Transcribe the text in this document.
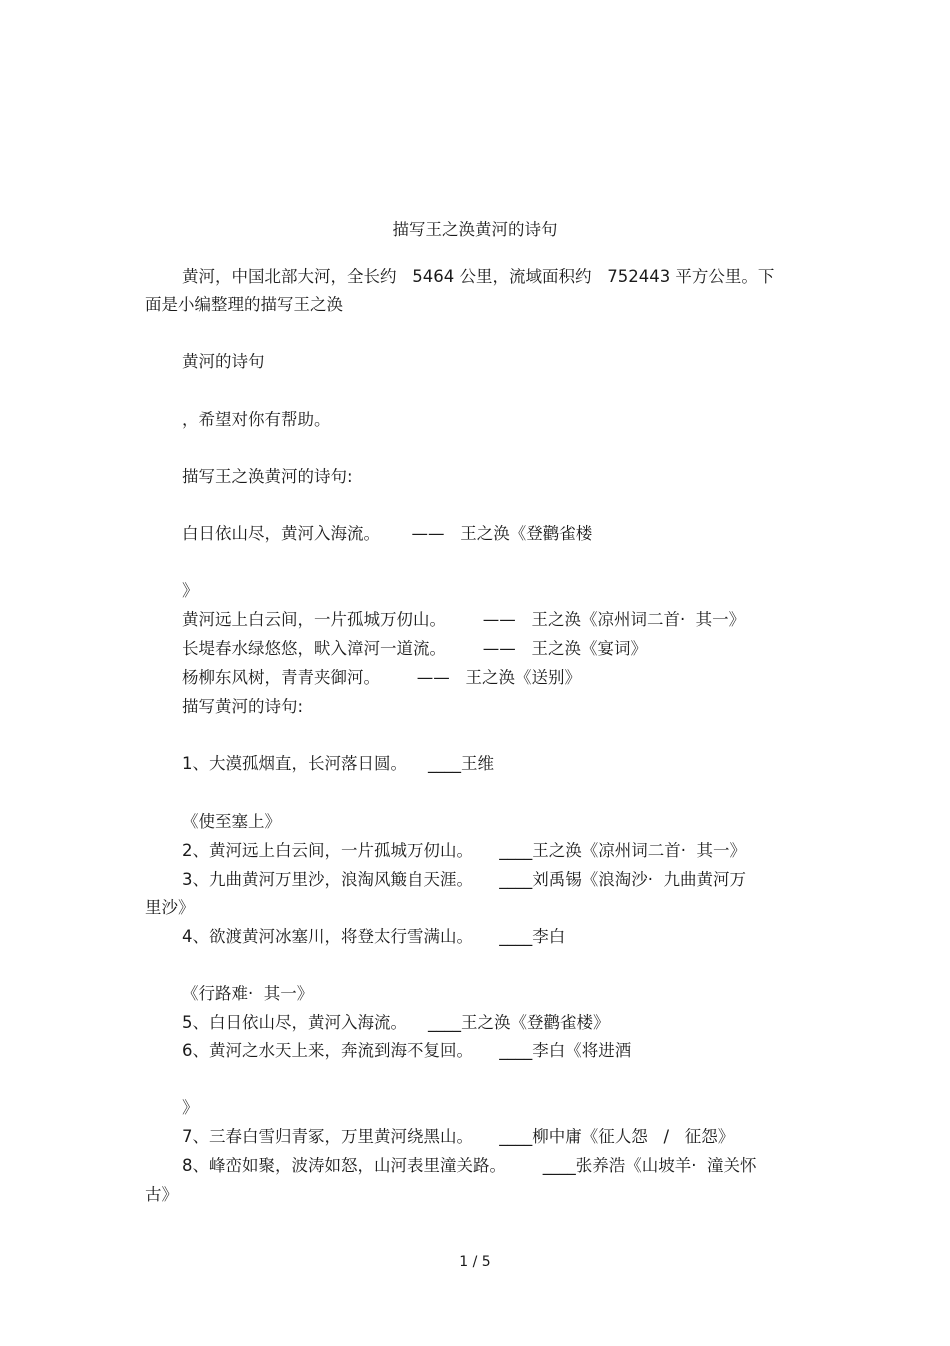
描写王之涣黄河的诗句
黄河，中国北部大河，全长约   5464 公里，流域面积约   752443 平方公里。下
面是小编整理的描写王之涣
黄河的诗句
，希望对你有帮助。
描写王之涣黄河的诗句:
白日依山尽，黄河入海流。      ——   王之涣《登鹳雀楼
》
黄河远上白云间，一片孤城万仞山。       ——   王之涣《凉州词二首·  其一》
长堤春水绿悠悠，畎入漳河一道流。       ——   王之涣《宴词》
杨柳东风树，青青夹御河。       ——   王之涣《送别》
描写黄河的诗句:
1、大漠孤烟直，长河落日圆。    ____王维
《使至塞上》
2、黄河远上白云间，一片孤城万仞山。     ____王之涣《凉州词二首·  其一》
3、九曲黄河万里沙，浪淘风簸自天涯。     ____刘禹锡《浪淘沙·  九曲黄河万
里沙》
4、欲渡黄河冰塞川，将登太行雪满山。     ____李白
《行路难·  其一》
5、白日依山尽，黄河入海流。    ____王之涣《登鹳雀楼》
6、黄河之水天上来，奔流到海不复回。     ____李白《将进酒
》
7、三春白雪归青冢，万里黄河绕黑山。     ____柳中庸《征人怨   /   征怨》
8、峰峦如聚，波涛如怒，山河表里潼关路。       ____张养浩《山坡羊·  潼关怀
古》
1 / 5
